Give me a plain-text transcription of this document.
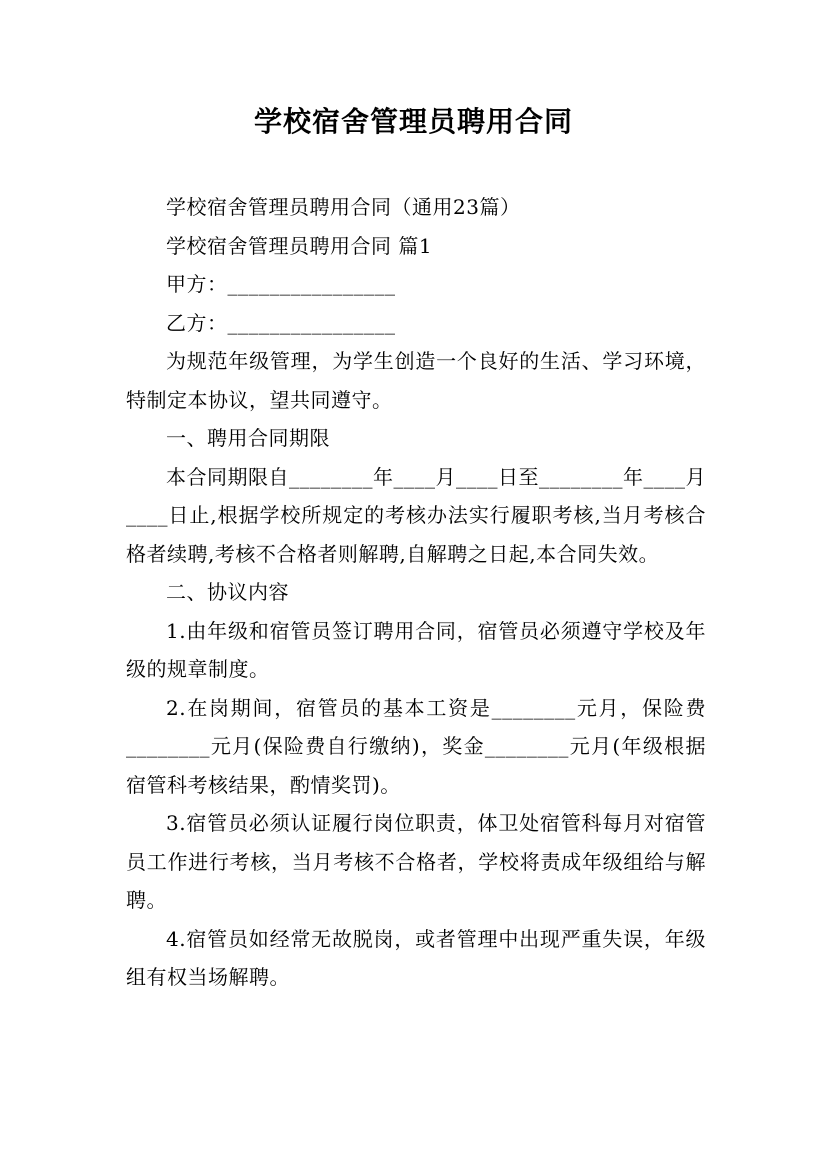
学校宿舍管理员聘用合同

学校宿舍管理员聘用合同（通用23篇）

学校宿舍管理员聘用合同 篇1

甲方：________________

乙方：________________

为规范年级管理，为学生创造一个良好的生活、学习环境，特制定本协议，望共同遵守。

一、聘用合同期限

本合同期限自________年____月____日至________年____月____日止,根据学校所规定的考核办法实行履职考核,当月考核合格者续聘,考核不合格者则解聘,自解聘之日起,本合同失效。

二、协议内容

1.由年级和宿管员签订聘用合同，宿管员必须遵守学校及年级的规章制度。

2.在岗期间，宿管员的基本工资是________元月，保险费________元月(保险费自行缴纳)，奖金________元月(年级根据宿管科考核结果，酌情奖罚)。

3.宿管员必须认证履行岗位职责，体卫处宿管科每月对宿管员工作进行考核，当月考核不合格者，学校将责成年级组给与解聘。

4.宿管员如经常无故脱岗，或者管理中出现严重失误，年级组有权当场解聘。
